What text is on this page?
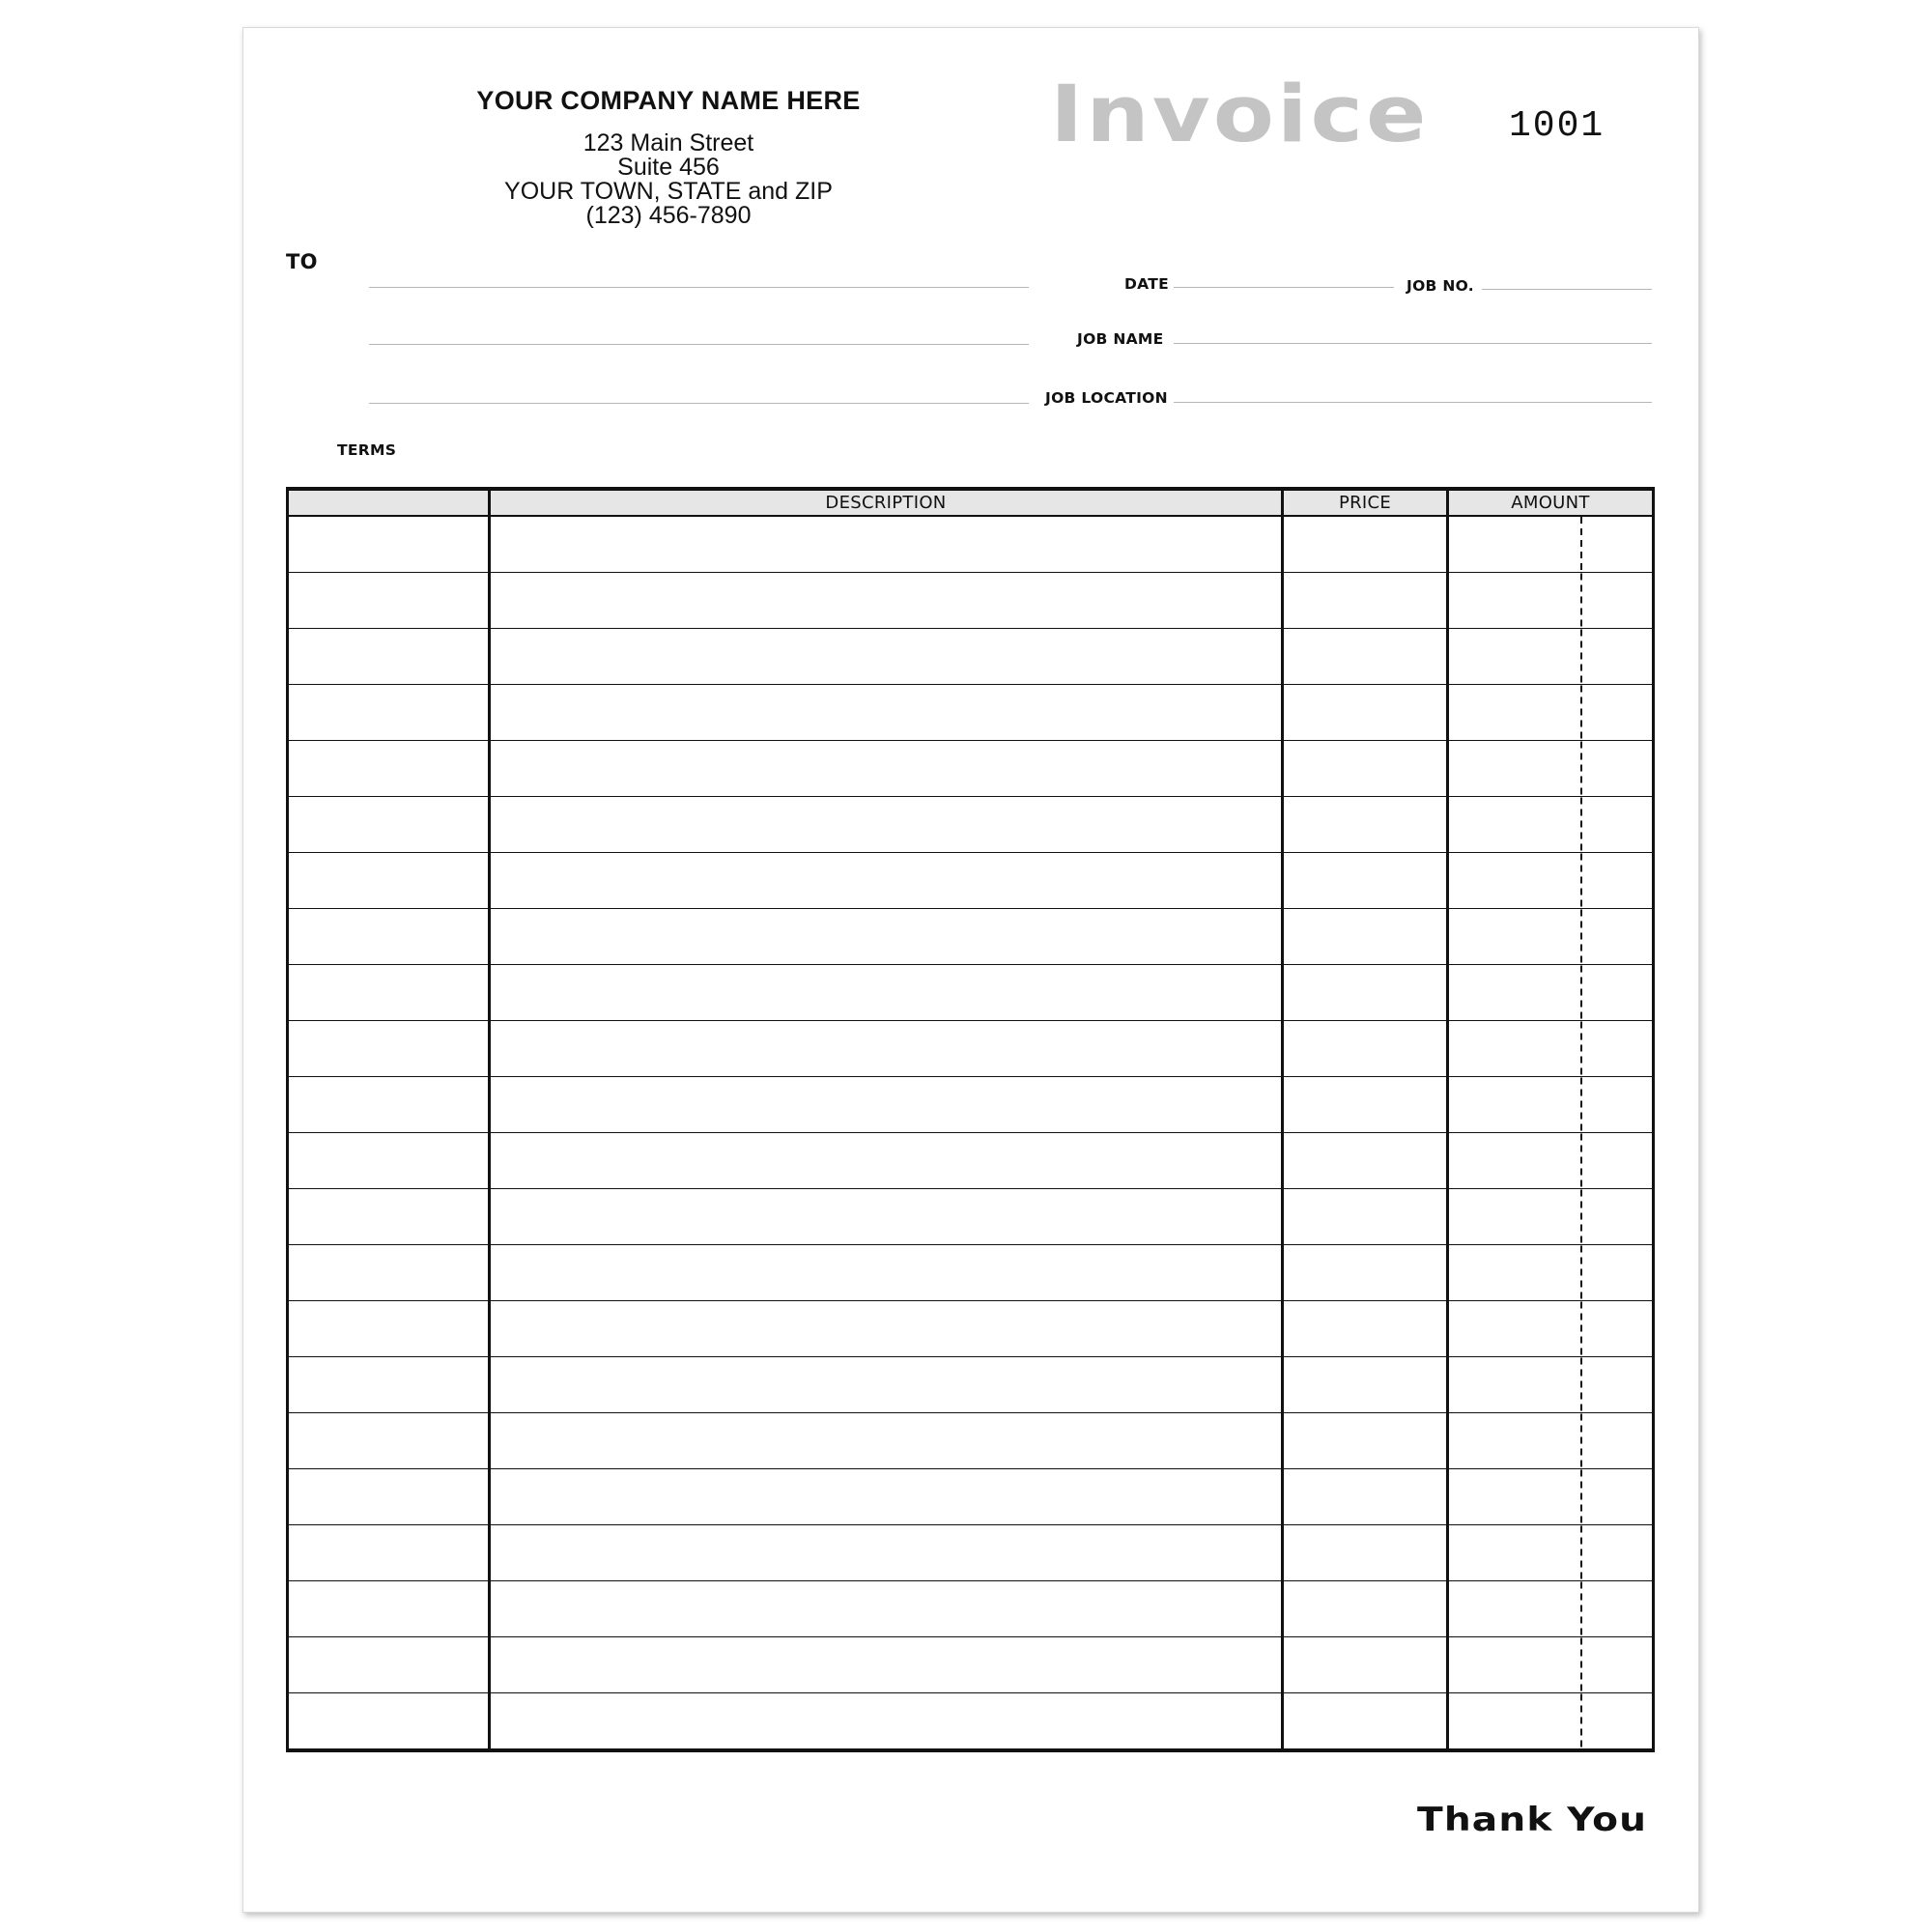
YOUR COMPANY NAME HERE
123 Main Street
Suite 456
YOUR TOWN, STATE and ZIP
(123) 456-7890
Invoice 1001
TO
DATE	JOB NO.
JOB NAME
JOB LOCATION
TERMS
	DESCRIPTION	PRICE	AMOUNT

Thank You
